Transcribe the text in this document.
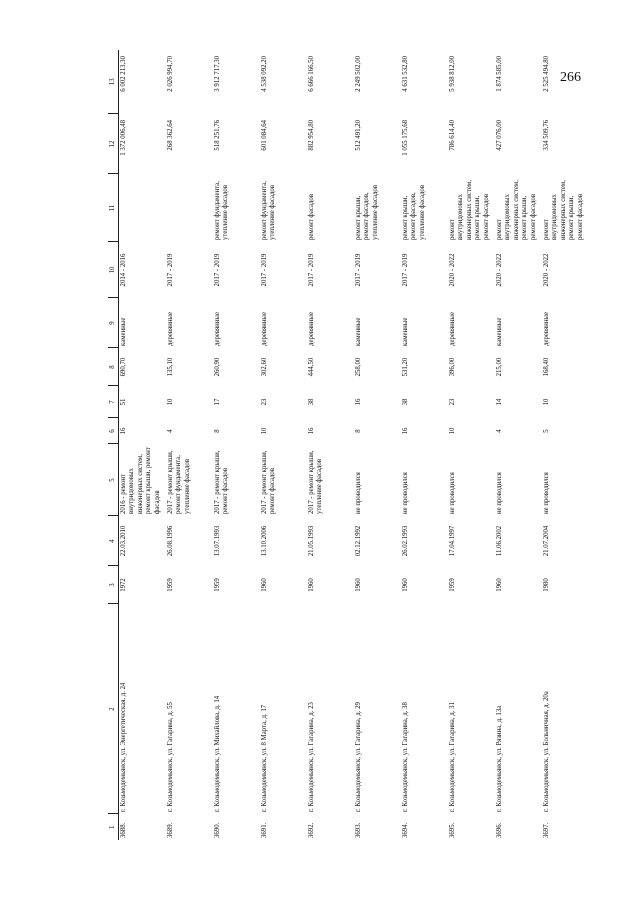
266
1	2	3	4	5	6	7	8	9	10	11	12	13
3688.	г. Козьмодемьянск, ул. Энергетическая, д. 24	1972	22.03.2010	2016 - ремонт внутридомовых инженерных систем, ремонт крыши, ремонт фасадов	16	51	690,70	каменные	2014 - 2016		1 372 006,48	6 002 213,30
3689.	г. Козьмодемьянск, ул. Гагарина, д. 55	1959	26.08.1996	2017 - ремонт крыши, ремонт фундамента, утепление фасадов	4	10	135,10	деревянные	2017 - 2019		268 362,64	2 026 994,70
3690.	г. Козьмодемьянск, ул. Михайлова, д. 14	1959	13.07.1993	2017 - ремонт крыши, ремонт фасадов	8	17	260,90	деревянные	2017 - 2019	ремонт фундамента, утепление фасадов	518 251,76	3 912 717,30
3691.	г. Козьмодемьянск, ул. 8 Марта, д. 17	1960	13.10.2006	2017 - ремонт крыши, ремонт фасадов	10	23	302,60	деревянные	2017 - 2019	ремонт фундамента, утепление фасадов	601 084,64	4 538 092,20
3692.	г. Козьмодемьянск, ул. Гагарина, д. 23	1960	21.05.1993	2017 - ремонт крыши, утепление фасадов	16	38	444,50	деревянные	2017 - 2019	ремонт фасадов	882 954,80	6 666 166,50
3693.	г. Козьмодемьянск, ул. Гагарина, д. 29	1960	02.12.1992	не проводился	8	16	258,00	каменные	2017 - 2019	ремонт крыши, ремонт фасадов, утепление фасадов	512 491,20	2 249 502,00
3694.	г. Козьмодемьянск, ул. Гагарина, д. 38	1960	26.02.1993	не проводился	16	38	531,20	каменные	2017 - 2019	ремонт крыши, ремонт фасадов, утепление фасадов	1 055 175,68	4 631 532,80
3695.	г. Козьмодемьянск, ул. Гагарина, д. 31	1959	17.04.1997	не проводился	10	23	396,00	деревянные	2020 - 2022	ремонт внутридомовых инженерных систем, ремонт крыши, ремонт фасадов	786 614,40	5 938 812,00
3696.	г. Козьмодемьянск, ул. Рязина, д. 13а	1960	11.06.2002	не проводился	4	14	215,00	каменные	2020 - 2022	ремонт внутридомовых инженерных систем, ремонт крыши, ремонт фасадов	427 076,00	1 874 585,00
3697.	г. Козьмодемьянск, ул. Больничная, д. 20а	1980	21.07.2004	не проводился	5	10	168,40	деревянные	2020 - 2022	ремонт внутридомовых инженерных систем, ремонт крыши, ремонт фасадов	334 509,76	2 525 494,80
